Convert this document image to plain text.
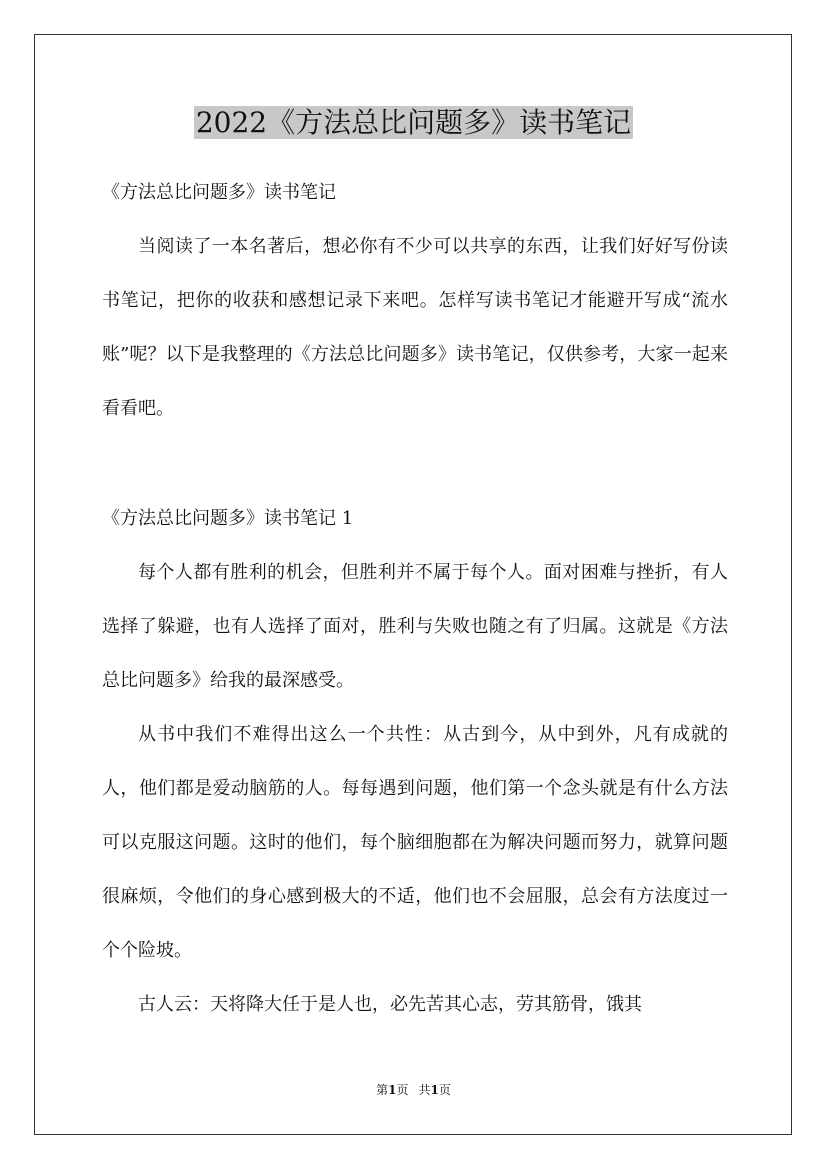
2022《方法总比问题多》读书笔记

《方法总比问题多》读书笔记

当阅读了一本名著后，想必你有不少可以共享的东西，让我们好好写份读书笔记，把你的收获和感想记录下来吧。怎样写读书笔记才能避开写成“流水账”呢？以下是我整理的《方法总比问题多》读书笔记，仅供参考，大家一起来看看吧。

《方法总比问题多》读书笔记 1

每个人都有胜利的机会，但胜利并不属于每个人。面对困难与挫折，有人选择了躲避，也有人选择了面对，胜利与失败也随之有了归属。这就是《方法总比问题多》给我的最深感受。

从书中我们不难得出这么一个共性：从古到今，从中到外，凡有成就的人，他们都是爱动脑筋的人。每每遇到问题，他们第一个念头就是有什么方法可以克服这问题。这时的他们，每个脑细胞都在为解决问题而努力，就算问题很麻烦，令他们的身心感到极大的不适，他们也不会屈服，总会有方法度过一个个险坡。

古人云：天将降大任于是人也，必先苦其心志，劳其筋骨，饿其

第1页 共1页
